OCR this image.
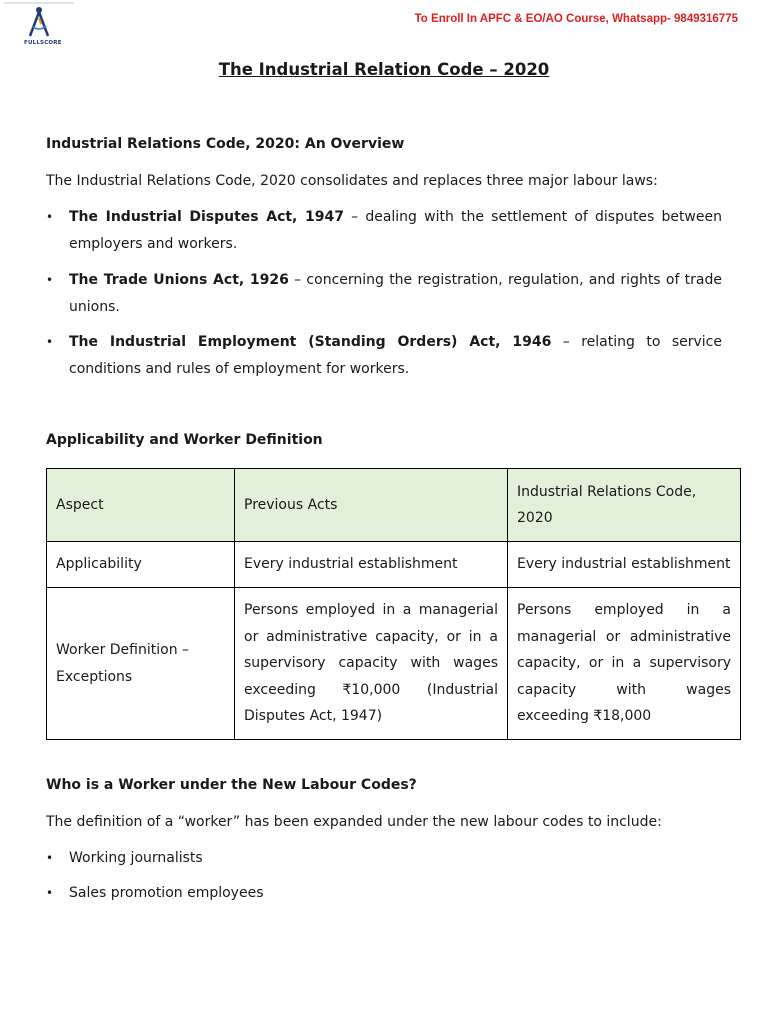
FULLSCORE
To Enroll In APFC & EO/AO Course, Whatsapp- 9849316775
The Industrial Relation Code – 2020
Industrial Relations Code, 2020: An Overview
The Industrial Relations Code, 2020 consolidates and replaces three major labour laws:
• The Industrial Disputes Act, 1947 – dealing with the settlement of disputes between employers and workers.
• The Trade Unions Act, 1926 – concerning the registration, regulation, and rights of trade unions.
• The Industrial Employment (Standing Orders) Act, 1946 – relating to service conditions and rules of employment for workers.
Applicability and Worker Definition
Aspect	Previous Acts	Industrial Relations Code, 2020
Applicability	Every industrial establishment	Every industrial establishment
Worker Definition – Exceptions	Persons employed in a managerial or administrative capacity, or in a supervisory capacity with wages exceeding ₹10,000 (Industrial Disputes Act, 1947)	Persons employed in a managerial or administrative capacity, or in a supervisory capacity with wages exceeding ₹18,000
Who is a Worker under the New Labour Codes?
The definition of a “worker” has been expanded under the new labour codes to include:
• Working journalists
• Sales promotion employees
